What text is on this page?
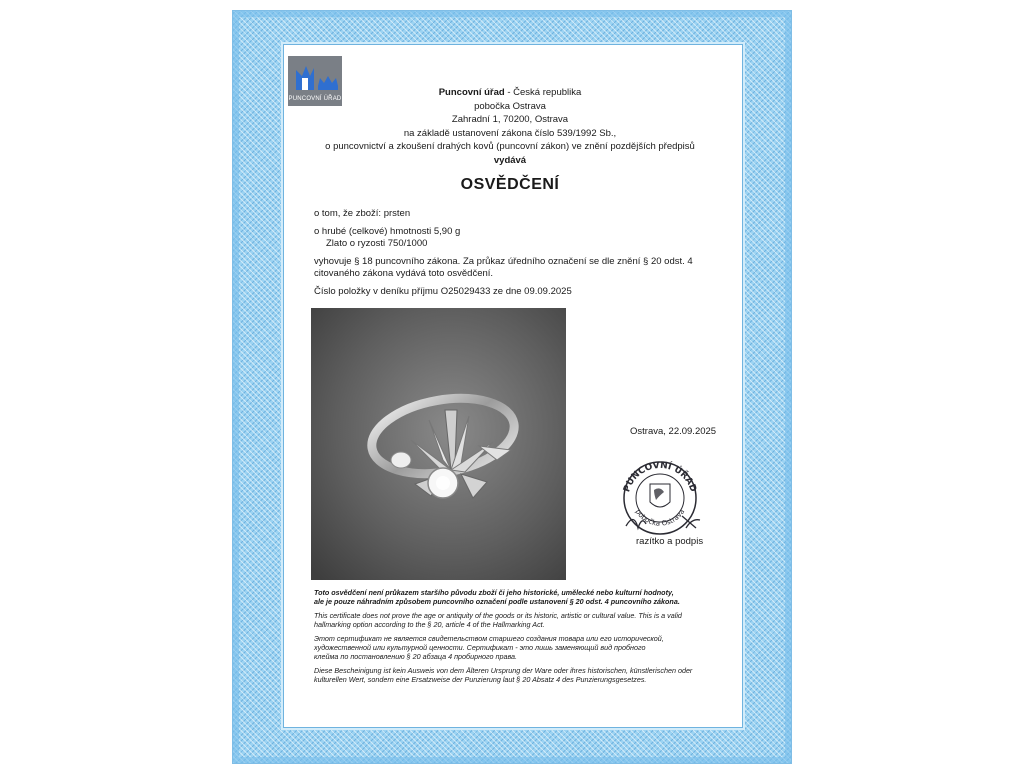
PUNCOVNÍ ÚŘAD
Puncovní úřad - Česká republika
pobočka Ostrava
Zahradní 1, 70200, Ostrava
na základě ustanovení zákona číslo 539/1992 Sb.,
o puncovnictví a zkoušení drahých kovů (puncovní zákon) ve znění pozdějších předpisů
vydává
OSVĚDČENÍ
o tom, že zboží: prsten
o hrubé (celkové) hmotnosti 5,90 g
Zlato o ryzosti 750/1000
vyhovuje § 18 puncovního zákona. Za průkaz úředního označení se dle znění § 20 odst. 4
citovaného zákona vydává toto osvědčení.
Číslo položky v deníku příjmu O25029433 ze dne 09.09.2025
Ostrava, 22.09.2025
PUNCOVNÍ ÚŘAD
pobočka Ostrava
razítko a podpis

Toto osvědčení není průkazem staršího původu zboží či jeho historické, umělecké nebo kulturní hodnoty,
ale je pouze náhradním způsobem puncovního označení podle ustanovení § 20 odst. 4 puncovního zákona.

This certificate does not prove the age or antiquity of the goods or its historic, artistic or cultural value. This is a valid
hallmarking option according to the § 20, article 4 of the Hallmarking Act.

Этот сертификат не является свидетельством старшего создания товара или его исторической,
художественной или культурной ценности. Сертификат - это лишь заменяющий вид пробного
клейма по постановлению § 20 абзаца 4 пробирного права.

Diese Bescheinigung ist kein Ausweis von dem Älteren Ursprung der Ware oder ihres historischen, künstlerischen oder
kulturellen Wert, sondern eine Ersatzweise der Punzierung laut § 20 Absatz 4 des Punzierungsgesetzes.
